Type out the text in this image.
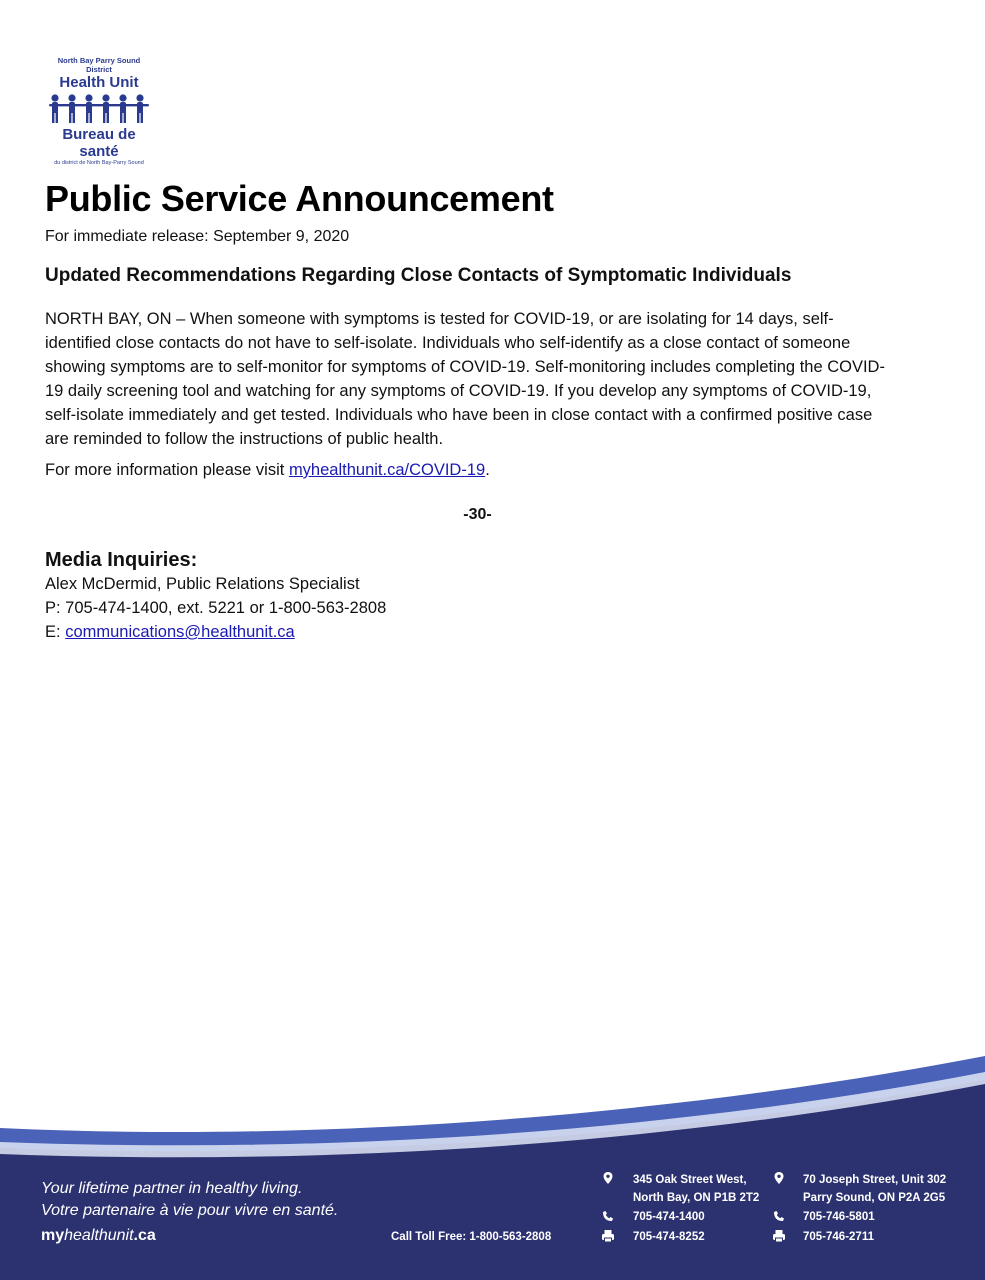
North Bay Parry Sound District
Health Unit
Bureau de santé
du district de North Bay-Parry Sound
Public Service Announcement
For immediate release: September 9, 2020
Updated Recommendations Regarding Close Contacts of Symptomatic Individuals
NORTH BAY, ON – When someone with symptoms is tested for COVID-19, or are isolating for 14 days, self-identified close contacts do not have to self-isolate. Individuals who self-identify as a close contact of someone showing symptoms are to self-monitor for symptoms of COVID-19. Self-monitoring includes completing the COVID-19 daily screening tool and watching for any symptoms of COVID-19. If you develop any symptoms of COVID-19, self-isolate immediately and get tested. Individuals who have been in close contact with a confirmed positive case are reminded to follow the instructions of public health.
For more information please visit myhealthunit.ca/COVID-19.
-30-
Media Inquiries:
Alex McDermid, Public Relations Specialist
P: 705-474-1400, ext. 5221 or 1-800-563-2808
E: communications@healthunit.ca
Your lifetime partner in healthy living.
Votre partenaire à vie pour vivre en santé.
myhealthunit.ca	Call Toll Free: 1-800-563-2808
345 Oak Street West,
North Bay, ON P1B 2T2
705-474-1400
705-474-8252
70 Joseph Street, Unit 302
Parry Sound, ON P2A 2G5
705-746-5801
705-746-2711
